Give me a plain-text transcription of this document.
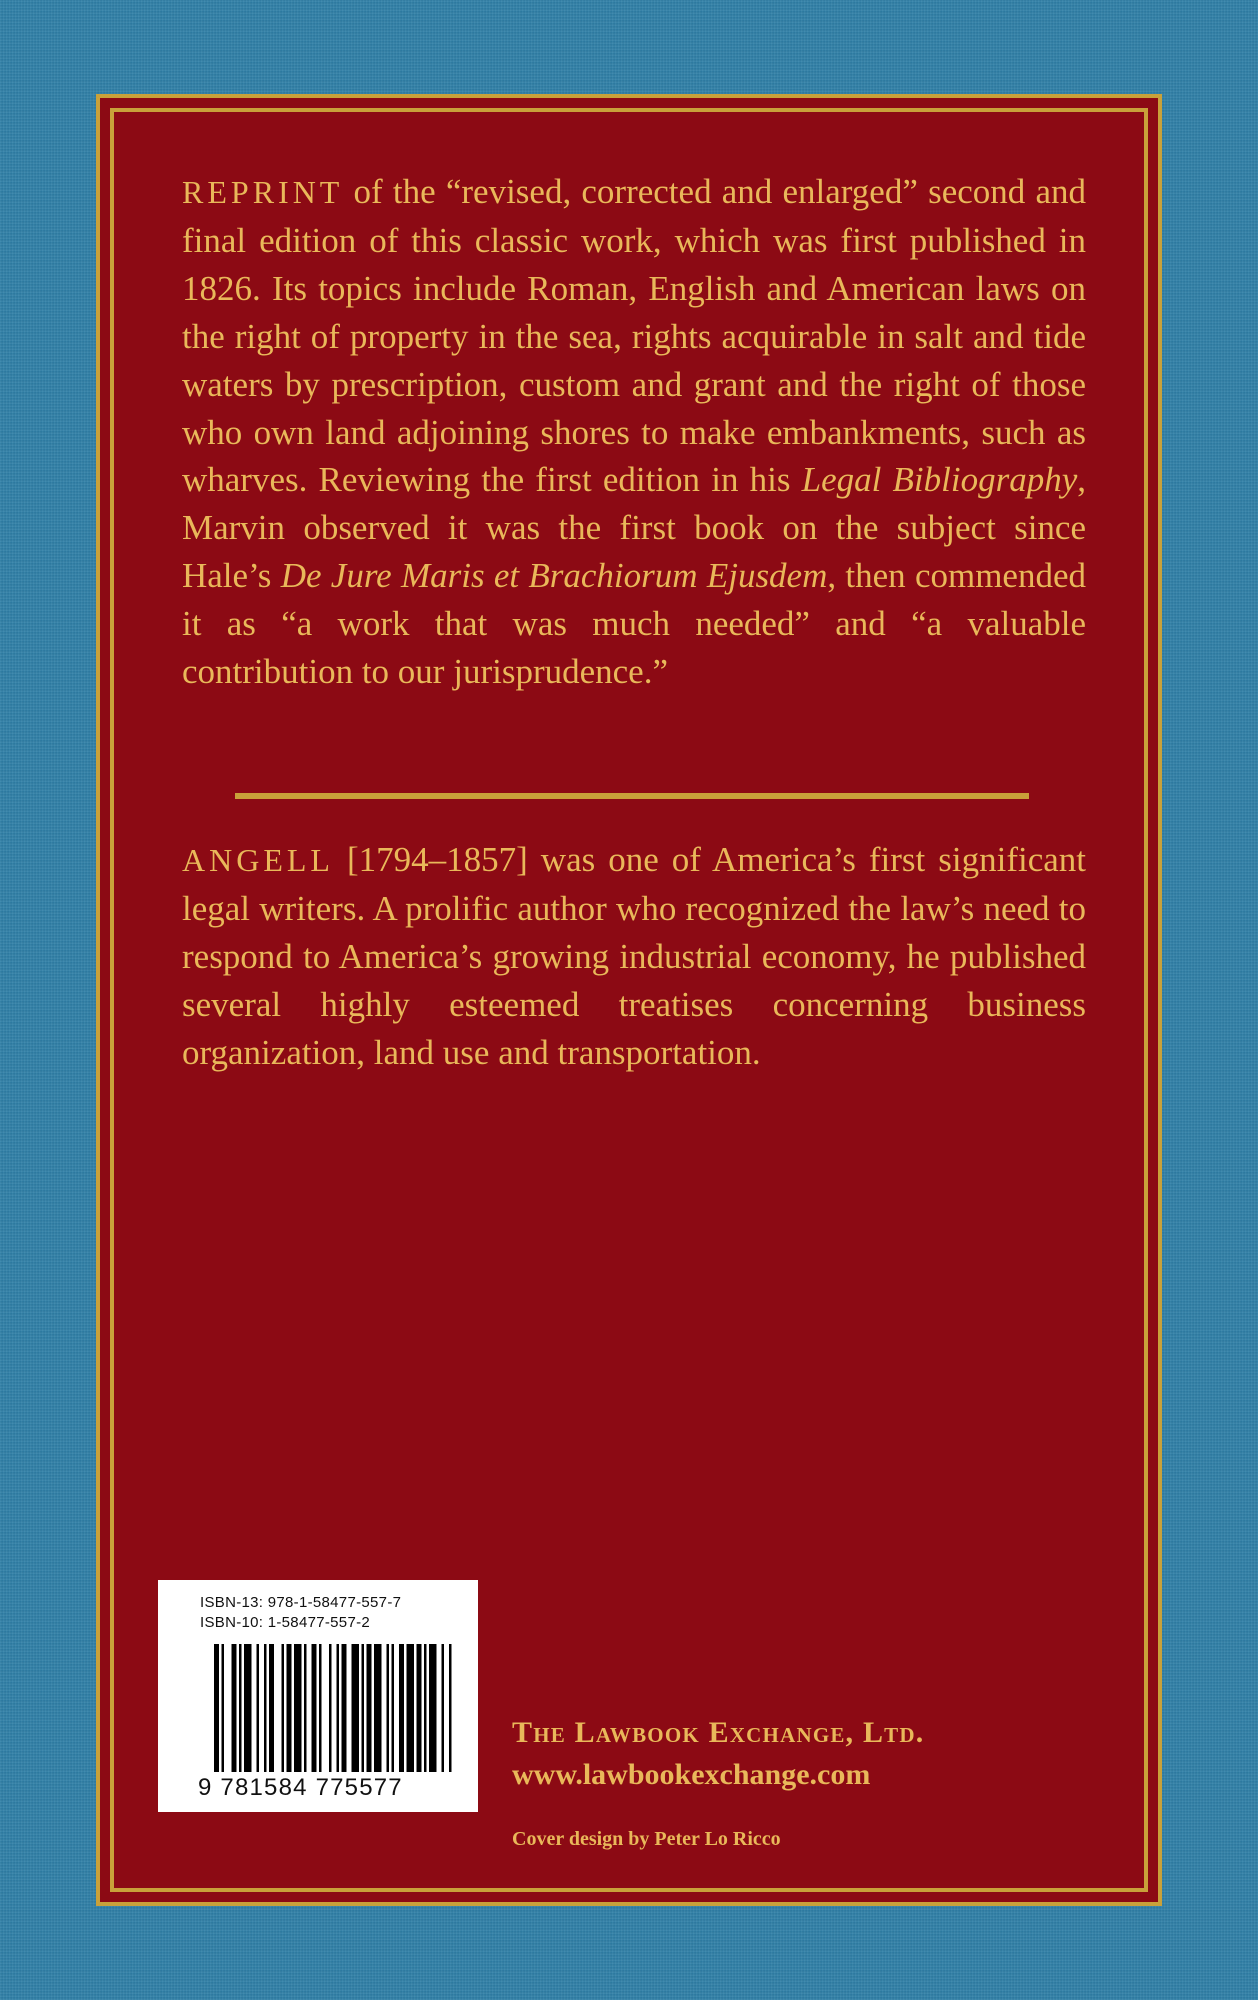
REPRINT of the “revised, corrected and enlarged” second and final edition of this classic work, which was first published in 1826. Its topics include Roman, English and American laws on the right of property in the sea, rights acquirable in salt and tide waters by prescription, custom and grant and the right of those who own land adjoining shores to make embankments, such as wharves. Reviewing the first edition in his Legal Bibliography, Marvin observed it was the first book on the subject since Hale’s De Jure Maris et Brachiorum Ejusdem, then commended it as “a work that was much needed” and “a valuable contribution to our jurisprudence.”

ANGELL [1794–1857] was one of America’s first significant legal writers. A prolific author who recognized the law’s need to respond to America’s growing industrial economy, he published several highly esteemed treatises concerning business organization, land use and transportation.

ISBN-13: 978-1-58477-557-7
ISBN-10: 1-58477-557-2
9 781584 775577
The Lawbook Exchange, Ltd.
www.lawbookexchange.com
Cover design by Peter Lo Ricco
